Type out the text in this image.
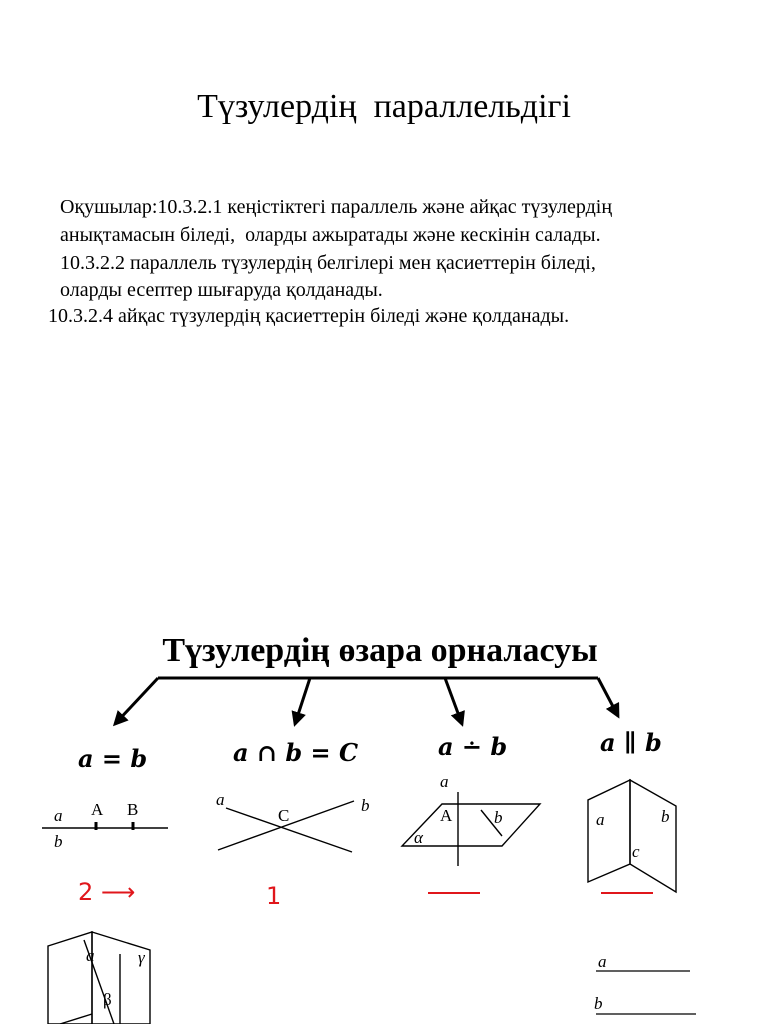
Түзулердің  параллельдігі
Оқушылар:10.3.2.1 кеңістіктегі параллель және айқас түзулердің
анықтамасын біледі,  оларды ажыратады және кескінін салады.
10.3.2.2 параллель түзулердің белгілері мен қасиеттерін біледі,
оларды есептер шығаруда қолданады.
10.3.2.4 айқас түзулердің қасиеттерін біледі және қолданады.
Түзулердің өзара орналасуы
a = b	a ∩ b = C	a ∸ b	a ∥ b
a A B
b
2 ⟶
a
C
b
1
a
A b
α
a	b
c
a	γ
β
a
b
